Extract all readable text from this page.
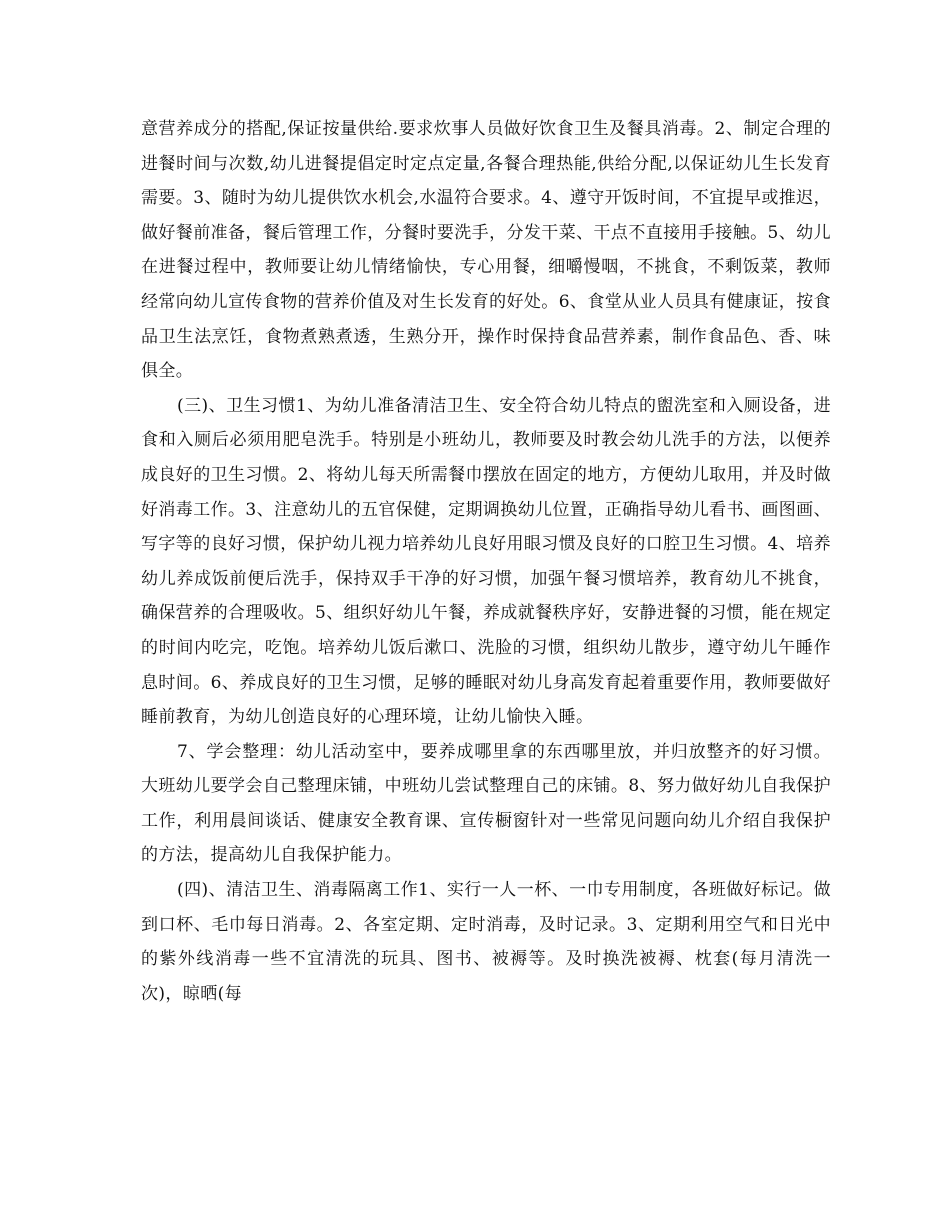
意营养成分的搭配,保证按量供给.要求炊事人员做好饮食卫生及餐具消毒。2、制定合理的进餐时间与次数,幼儿进餐提倡定时定点定量,各餐合理热能,供给分配,以保证幼儿生长发育需要。3、随时为幼儿提供饮水机会,水温符合要求。4、遵守开饭时间，不宜提早或推迟，做好餐前准备，餐后管理工作，分餐时要洗手，分发干菜、干点不直接用手接触。5、幼儿在进餐过程中，教师要让幼儿情绪愉快，专心用餐，细嚼慢咽，不挑食，不剩饭菜，教师经常向幼儿宣传食物的营养价值及对生长发育的好处。6、食堂从业人员具有健康证，按食品卫生法烹饪，食物煮熟煮透，生熟分开，操作时保持食品营养素，制作食品色、香、味俱全。

(三)、卫生习惯1、为幼儿准备清洁卫生、安全符合幼儿特点的盥洗室和入厕设备，进食和入厕后必须用肥皂洗手。特别是小班幼儿，教师要及时教会幼儿洗手的方法，以便养成良好的卫生习惯。2、将幼儿每天所需餐巾摆放在固定的地方，方便幼儿取用，并及时做好消毒工作。3、注意幼儿的五官保健，定期调换幼儿位置，正确指导幼儿看书、画图画、写字等的良好习惯，保护幼儿视力培养幼儿良好用眼习惯及良好的口腔卫生习惯。4、培养幼儿养成饭前便后洗手，保持双手干净的好习惯，加强午餐习惯培养，教育幼儿不挑食，确保营养的合理吸收。5、组织好幼儿午餐，养成就餐秩序好，安静进餐的习惯，能在规定的时间内吃完，吃饱。培养幼儿饭后漱口、洗脸的习惯，组织幼儿散步，遵守幼儿午睡作息时间。6、养成良好的卫生习惯，足够的睡眠对幼儿身高发育起着重要作用，教师要做好睡前教育，为幼儿创造良好的心理环境，让幼儿愉快入睡。

7、学会整理：幼儿活动室中，要养成哪里拿的东西哪里放，并归放整齐的好习惯。大班幼儿要学会自己整理床铺，中班幼儿尝试整理自己的床铺。8、努力做好幼儿自我保护工作，利用晨间谈话、健康安全教育课、宣传橱窗针对一些常见问题向幼儿介绍自我保护的方法，提高幼儿自我保护能力。

(四)、清洁卫生、消毒隔离工作1、实行一人一杯、一巾专用制度，各班做好标记。做到口杯、毛巾每日消毒。2、各室定期、定时消毒，及时记录。3、定期利用空气和日光中的紫外线消毒一些不宜清洗的玩具、图书、被褥等。及时换洗被褥、枕套(每月清洗一次)，晾晒(每
